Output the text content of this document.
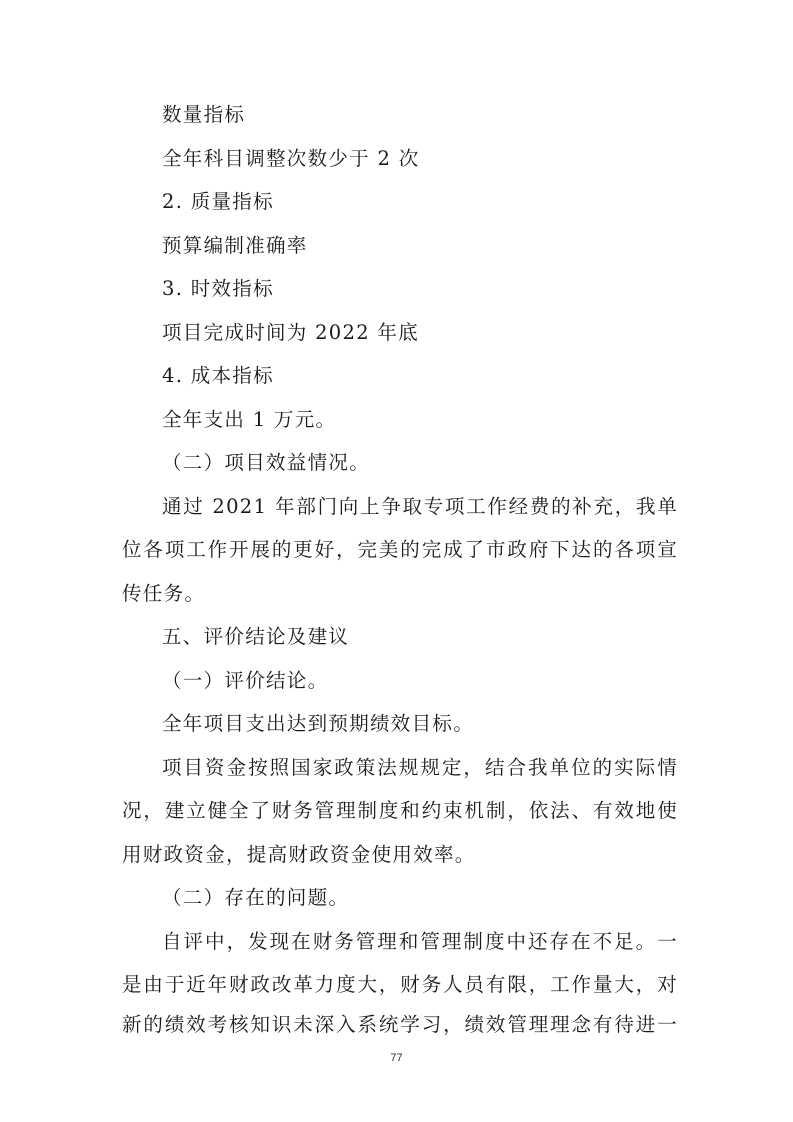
数量指标
全年科目调整次数少于 2 次
2. 质量指标
预算编制准确率
3. 时效指标
项目完成时间为 2022 年底
4. 成本指标
全年支出 1 万元。
（二）项目效益情况。
通过 2021 年部门向上争取专项工作经费的补充，我单
位各项工作开展的更好，完美的完成了市政府下达的各项宣
传任务。
五、评价结论及建议
（一）评价结论。
全年项目支出达到预期绩效目标。
项目资金按照国家政策法规规定，结合我单位的实际情
况，建立健全了财务管理制度和约束机制，依法、有效地使
用财政资金，提高财政资金使用效率。
（二）存在的问题。
自评中，发现在财务管理和管理制度中还存在不足。一
是由于近年财政改革力度大，财务人员有限，工作量大，对
新的绩效考核知识未深入系统学习，绩效管理理念有待进一
77
